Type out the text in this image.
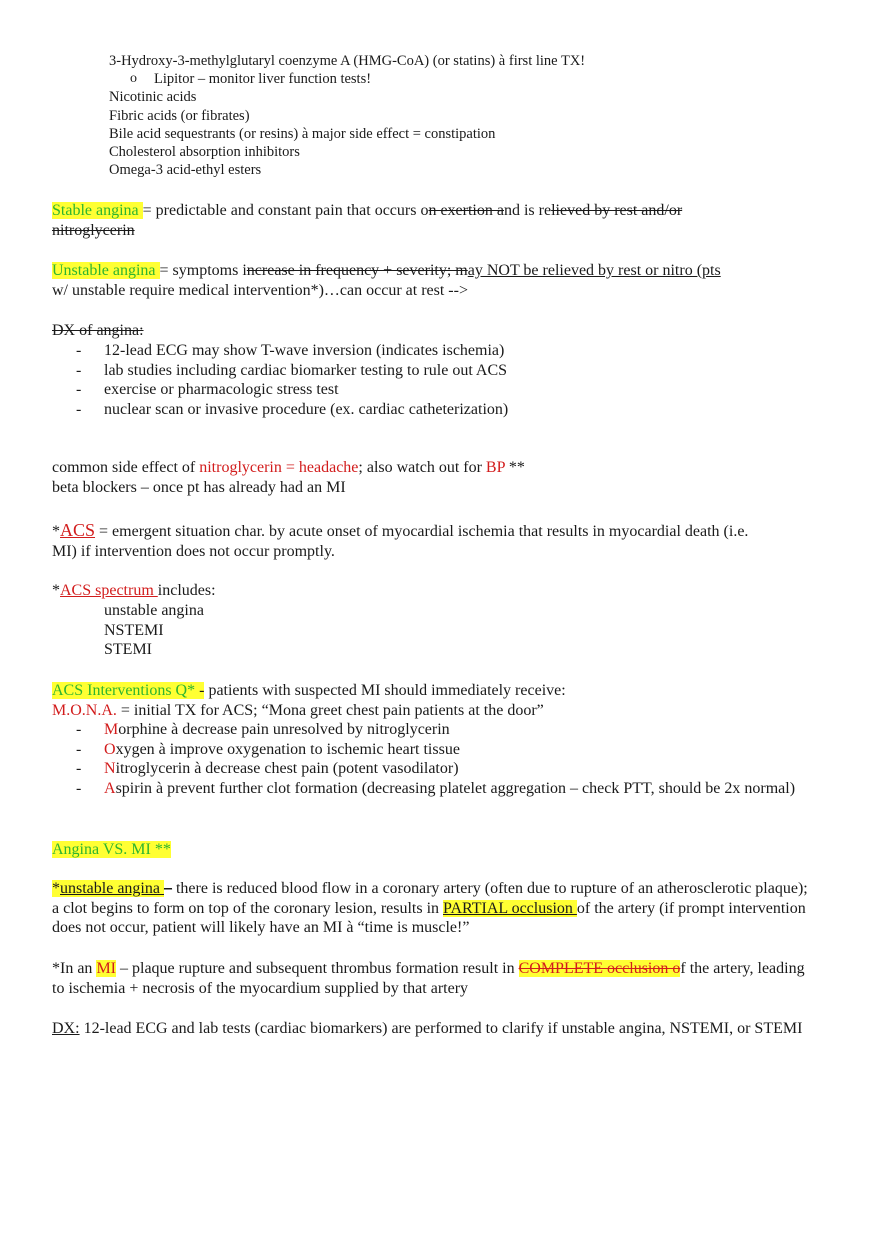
3-Hydroxy-3-methylglutaryl coenzyme A (HMG-CoA) (or statins) à first line TX!
o Lipitor – monitor liver function tests!
Nicotinic acids
Fibric acids (or fibrates)
Bile acid sequestrants (or resins) à major side effect = constipation
Cholesterol absorption inhibitors
Omega-3 acid-ethyl esters
Stable angina = predictable and constant pain that occurs on exertion and is relieved by rest and/or
nitroglycerin
Unstable angina = symptoms increase in frequency + severity; may NOT be relieved by rest or nitro (pts
w/ unstable require medical intervention*)…can occur at rest -->
DX of angina:
- 12-lead ECG may show T-wave inversion (indicates ischemia)
- lab studies including cardiac biomarker testing to rule out ACS
- exercise or pharmacologic stress test
- nuclear scan or invasive procedure (ex. cardiac catheterization)
common side effect of nitroglycerin = headache; also watch out for BP **
beta blockers – once pt has already had an MI
*ACS = emergent situation char. by acute onset of myocardial ischemia that results in myocardial death (i.e.
MI) if intervention does not occur promptly.
*ACS spectrum includes:
unstable angina
NSTEMI
STEMI
ACS Interventions Q* - patients with suspected MI should immediately receive:
M.O.N.A. = initial TX for ACS; “Mona greet chest pain patients at the door”
- Morphine à decrease pain unresolved by nitroglycerin
- Oxygen à improve oxygenation to ischemic heart tissue
- Nitroglycerin à decrease chest pain (potent vasodilator)
- Aspirin à prevent further clot formation (decreasing platelet aggregation – check PTT, should be 2x normal)
Angina VS. MI **
*unstable angina – there is reduced blood flow in a coronary artery (often due to rupture of an atherosclerotic plaque); a clot begins to form on top of the coronary lesion, results in PARTIAL occlusion of the artery (if prompt intervention does not occur, patient will likely have an MI à “time is muscle!”
*In an MI – plaque rupture and subsequent thrombus formation result in COMPLETE occlusion of the artery, leading to ischemia + necrosis of the myocardium supplied by that artery
DX: 12-lead ECG and lab tests (cardiac biomarkers) are performed to clarify if unstable angina, NSTEMI, or STEMI
